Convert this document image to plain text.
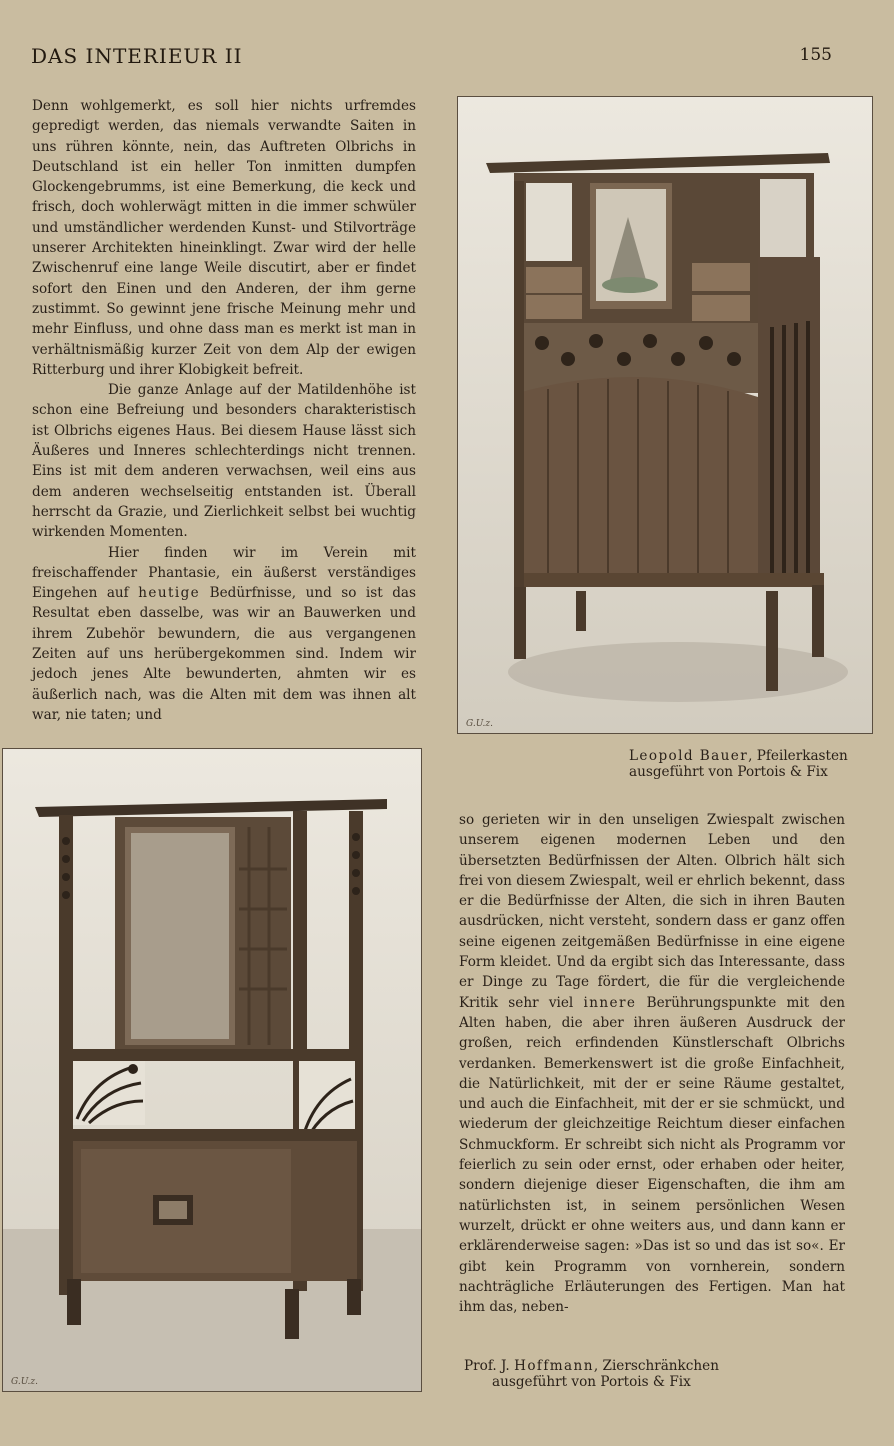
DAS INTERIEUR II	155

Denn wohlgemerkt, es soll hier nichts urfremdes gepredigt werden, das niemals verwandte Saiten in uns rühren könnte, nein, das Auftreten Olbrichs in Deutschland ist ein heller Ton inmitten dumpfen Glockengebrumms, ist eine Bemerkung, die keck und frisch, doch wohlerwägt mitten in die immer schwüler und umständlicher werdenden Kunst- und Stilvorträge unserer Architekten hineinklingt. Zwar wird der helle Zwischenruf eine lange Weile discutirt, aber er findet sofort den Einen und den Anderen, der ihm gerne zustimmt. So gewinnt jene frische Meinung mehr und mehr Einfluss, und ohne dass man es merkt ist man in verhältnismäßig kurzer Zeit von dem Alp der ewigen Ritterburg und ihrer Klobigkeit befreit.

Die ganze Anlage auf der Matildenhöhe ist schon eine Befreiung und besonders charakteristisch ist Olbrichs eigenes Haus. Bei diesem Hause lässt sich Äußeres und Inneres schlechterdings nicht trennen. Eins ist mit dem anderen verwachsen, weil eins aus dem anderen wechselseitig entstanden ist. Überall herrscht da Grazie, und Zierlichkeit selbst bei wuchtig wirkenden Momenten.

Hier finden wir im Verein mit freischaffender Phantasie, ein äußerst verständiges Eingehen auf heutige Bedürfnisse, und so ist das Resultat eben dasselbe, was wir an Bauwerken und ihrem Zubehör bewundern, die aus vergangenen Zeiten auf uns herübergekommen sind. Indem wir jedoch jenes Alte bewunderten, ahmten wir es äußerlich nach, was die Alten mit dem was ihnen alt war, nie taten; und

G.U.z.
Leopold Bauer, Pfeilerkasten
ausgeführt von Portois & Fix
G.U.z.

so gerieten wir in den unseligen Zwiespalt zwischen unserem eigenen modernen Leben und den übersetzten Bedürfnissen der Alten. Olbrich hält sich frei von diesem Zwiespalt, weil er ehrlich bekennt, dass er die Bedürfnisse der Alten, die sich in ihren Bauten ausdrücken, nicht versteht, sondern dass er ganz offen seine eigenen zeitgemäßen Bedürfnisse in eine eigene Form kleidet. Und da ergibt sich das Interessante, dass er Dinge zu Tage fördert, die für die vergleichende Kritik sehr viel innere Berührungspunkte mit den Alten haben, die aber ihren äußeren Ausdruck der großen, reich erfindenden Künstlerschaft Olbrichs verdanken. Bemerkenswert ist die große Einfachheit, die Natürlichkeit, mit der er seine Räume gestaltet, und auch die Einfachheit, mit der er sie schmückt, und wiederum der gleichzeitige Reichtum dieser einfachen Schmuckform. Er schreibt sich nicht als Programm vor feierlich zu sein oder ernst, oder erhaben oder heiter, sondern diejenige dieser Eigenschaften, die ihm am natürlichsten ist, in seinem persönlichen Wesen wurzelt, drückt er ohne weiters aus, und dann kann er erklärenderweise sagen: »Das ist so und das ist so«. Er gibt kein Programm von vornherein, sondern nachträgliche Erläuterungen des Fertigen. Man hat ihm das, neben-

Prof. J. Hoffmann, Zierschränkchen
ausgeführt von Portois & Fix
